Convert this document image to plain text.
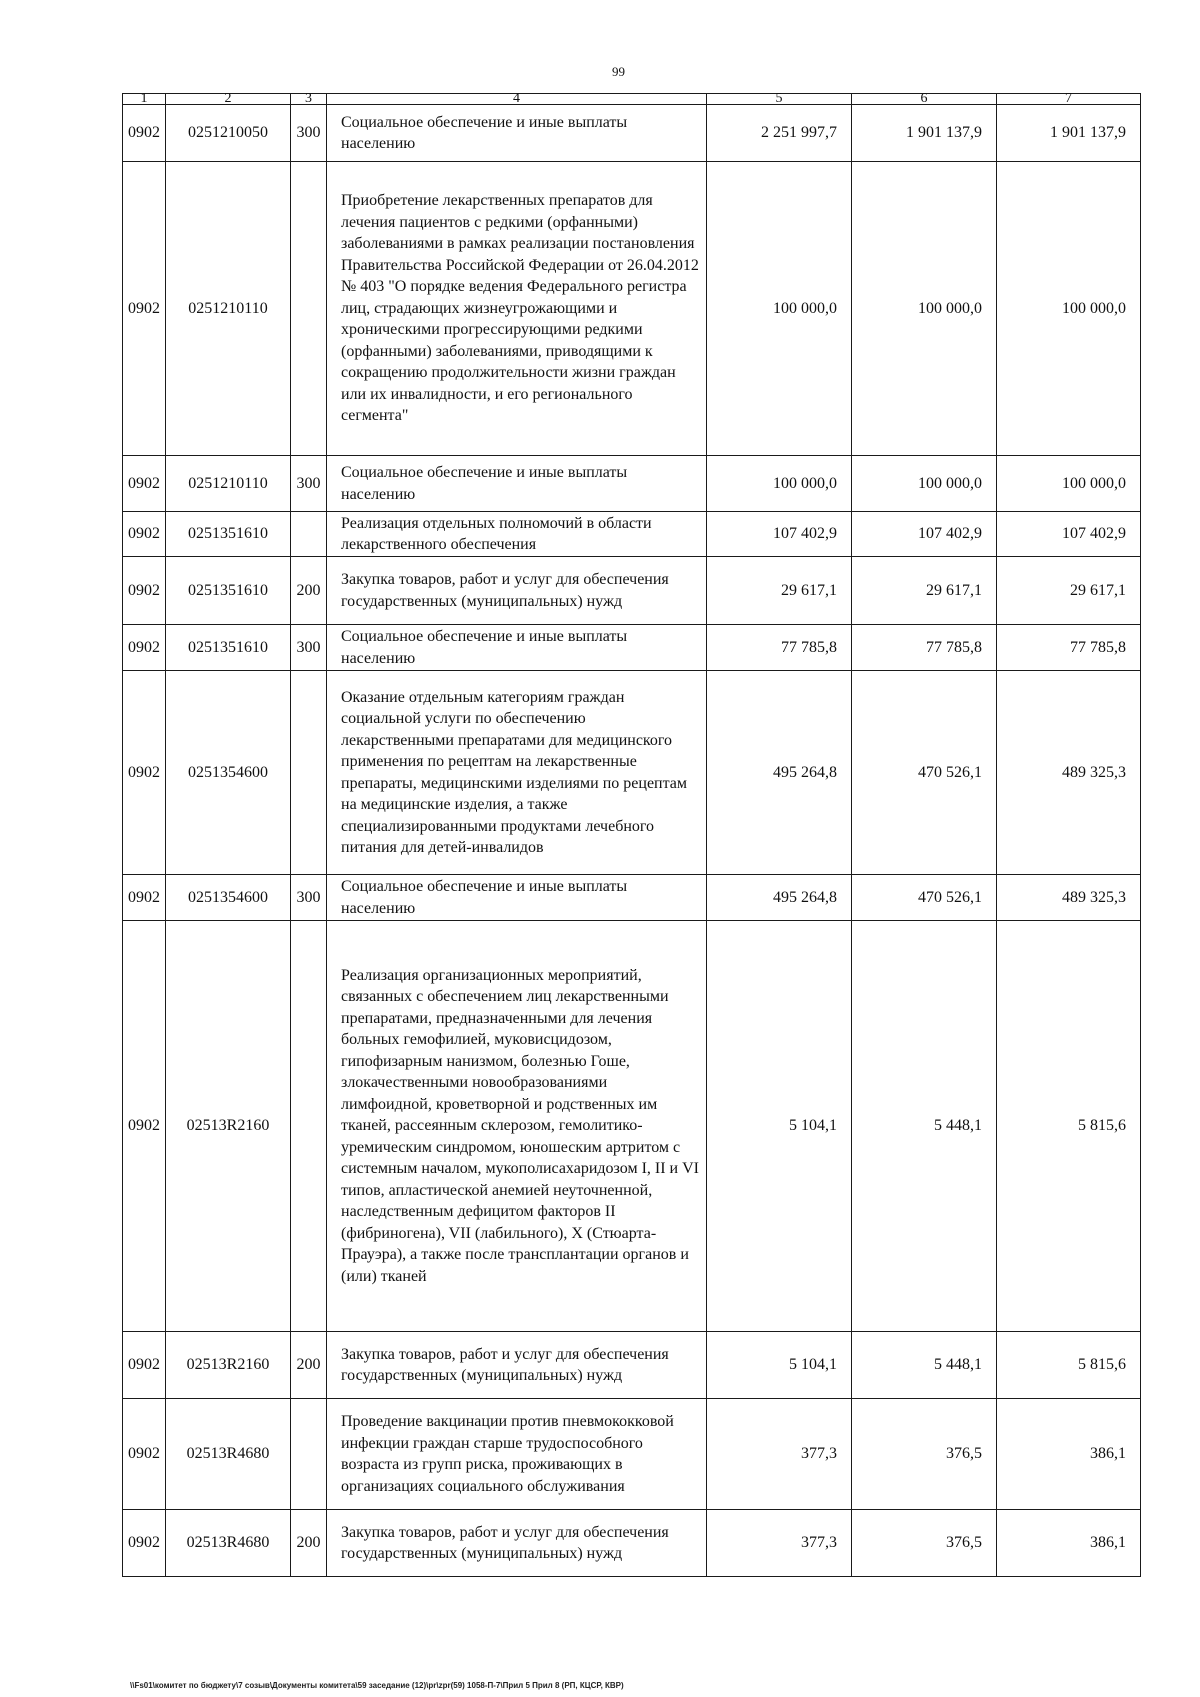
99
1	2	3	4	5	6	7
0902	0251210050	300	Социальное обеспечение и иные выплаты населению	2 251 997,7	1 901 137,9	1 901 137,9
0902	0251210110		Приобретение лекарственных препаратов для лечения пациентов с редкими (орфанными) заболеваниями в рамках реализации постановления Правительства Российской Федерации от 26.04.2012 № 403 "О порядке ведения Федерального регистра лиц, страдающих жизнеугрожающими и хроническими прогрессирующими редкими (орфанными) заболеваниями, приводящими к сокращению продолжительности жизни граждан или их инвалидности, и его регионального сегмента"	100 000,0	100 000,0	100 000,0
0902	0251210110	300	Социальное обеспечение и иные выплаты населению	100 000,0	100 000,0	100 000,0
0902	0251351610		Реализация отдельных полномочий в области лекарственного обеспечения	107 402,9	107 402,9	107 402,9
0902	0251351610	200	Закупка товаров, работ и услуг для обеспечения государственных (муниципальных) нужд	29 617,1	29 617,1	29 617,1
0902	0251351610	300	Социальное обеспечение и иные выплаты населению	77 785,8	77 785,8	77 785,8
0902	0251354600		Оказание отдельным категориям граждан социальной услуги по обеспечению лекарственными препаратами для медицинского применения по рецептам на лекарственные препараты, медицинскими изделиями по рецептам на медицинские изделия, а также специализированными продуктами лечебного питания для детей-инвалидов	495 264,8	470 526,1	489 325,3
0902	0251354600	300	Социальное обеспечение и иные выплаты населению	495 264,8	470 526,1	489 325,3
0902	02513R2160		Реализация организационных мероприятий, связанных с обеспечением лиц лекарственными препаратами, предназначенными для лечения больных гемофилией, муковисцидозом, гипофизарным нанизмом, болезнью Гоше, злокачественными новообразованиями лимфоидной, кроветворной и родственных им тканей, рассеянным склерозом, гемолитико-уремическим синдромом, юношеским артритом с системным началом, мукополисахаридозом I, II и VI типов, апластической анемией неуточненной, наследственным дефицитом факторов II (фибриногена), VII (лабильного), X (Стюарта-Прауэра), а также после трансплантации органов и (или) тканей	5 104,1	5 448,1	5 815,6
0902	02513R2160	200	Закупка товаров, работ и услуг для обеспечения государственных (муниципальных) нужд	5 104,1	5 448,1	5 815,6
0902	02513R4680		Проведение вакцинации против пневмококковой инфекции граждан старше трудоспособного возраста из групп риска, проживающих в организациях социального обслуживания	377,3	376,5	386,1
0902	02513R4680	200	Закупка товаров, работ и услуг для обеспечения государственных (муниципальных) нужд	377,3	376,5	386,1
\\Fs01\комитет по бюджету\7 созыв\Документы комитета\59 заседание (12)\pr\zpr(59) 1058-П-7\Прил 5 Прил 8 (РП, КЦСР, КВР)
